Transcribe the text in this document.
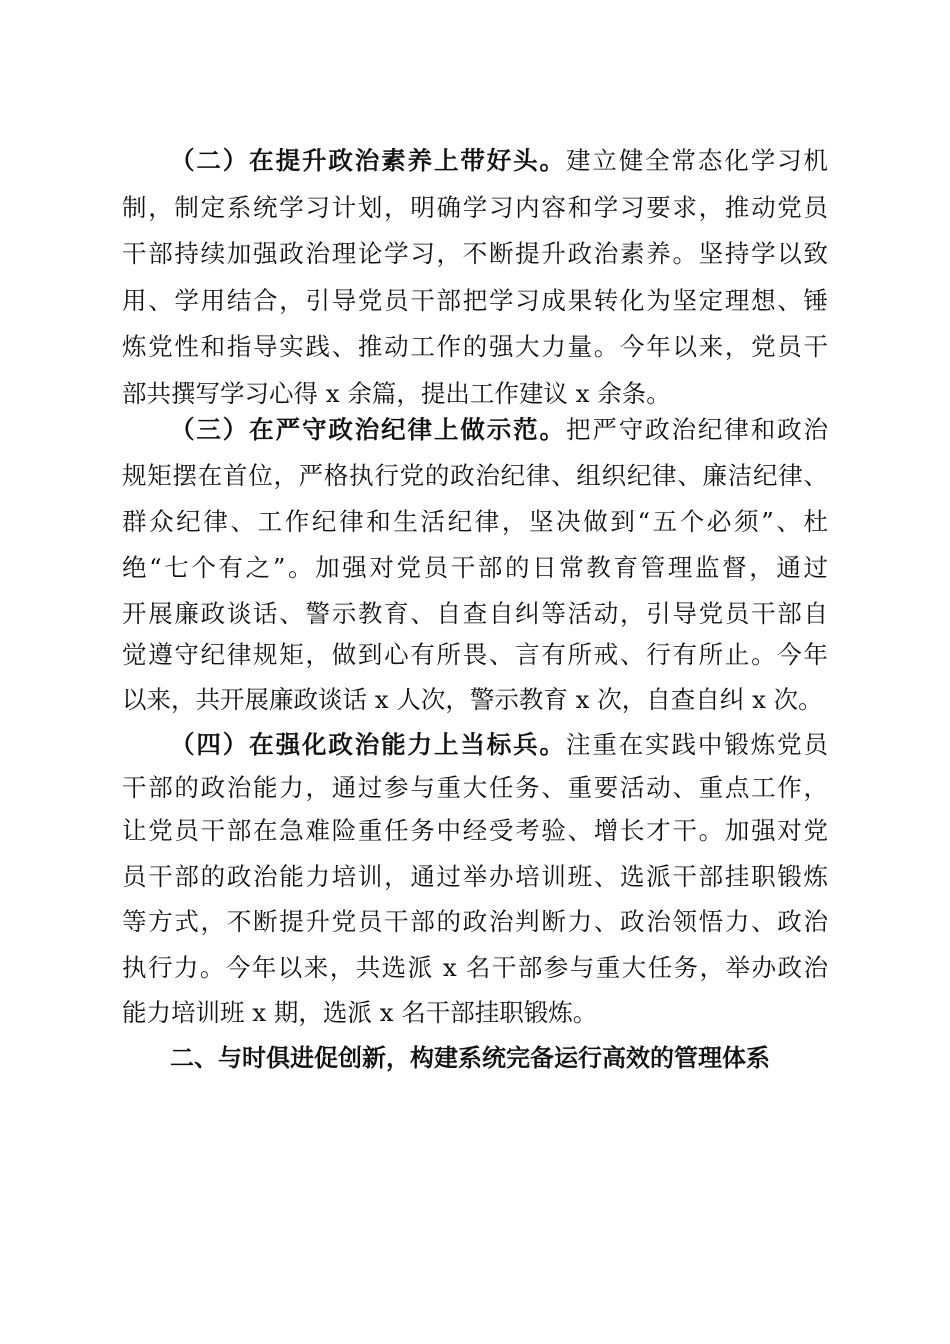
（二）在提升政治素养上带好头。建立健全常态化学习机
制，制定系统学习计划，明确学习内容和学习要求，推动党员
干部持续加强政治理论学习，不断提升政治素养。坚持学以致
用、学用结合，引导党员干部把学习成果转化为坚定理想、锤
炼党性和指导实践、推动工作的强大力量。今年以来，党员干
部共撰写学习心得 x 余篇，提出工作建议 x 余条。
（三）在严守政治纪律上做示范。把严守政治纪律和政治
规矩摆在首位，严格执行党的政治纪律、组织纪律、廉洁纪律、
群众纪律、工作纪律和生活纪律，坚决做到“五个必须”、杜
绝“七个有之”。加强对党员干部的日常教育管理监督，通过
开展廉政谈话、警示教育、自查自纠等活动，引导党员干部自
觉遵守纪律规矩，做到心有所畏、言有所戒、行有所止。今年
以来，共开展廉政谈话 x 人次，警示教育 x 次，自查自纠 x 次。
（四）在强化政治能力上当标兵。注重在实践中锻炼党员
干部的政治能力，通过参与重大任务、重要活动、重点工作，
让党员干部在急难险重任务中经受考验、增长才干。加强对党
员干部的政治能力培训，通过举办培训班、选派干部挂职锻炼
等方式，不断提升党员干部的政治判断力、政治领悟力、政治
执行力。今年以来，共选派 x 名干部参与重大任务，举办政治
能力培训班 x 期，选派 x 名干部挂职锻炼。
二、与时俱进促创新，构建系统完备运行高效的管理体系
